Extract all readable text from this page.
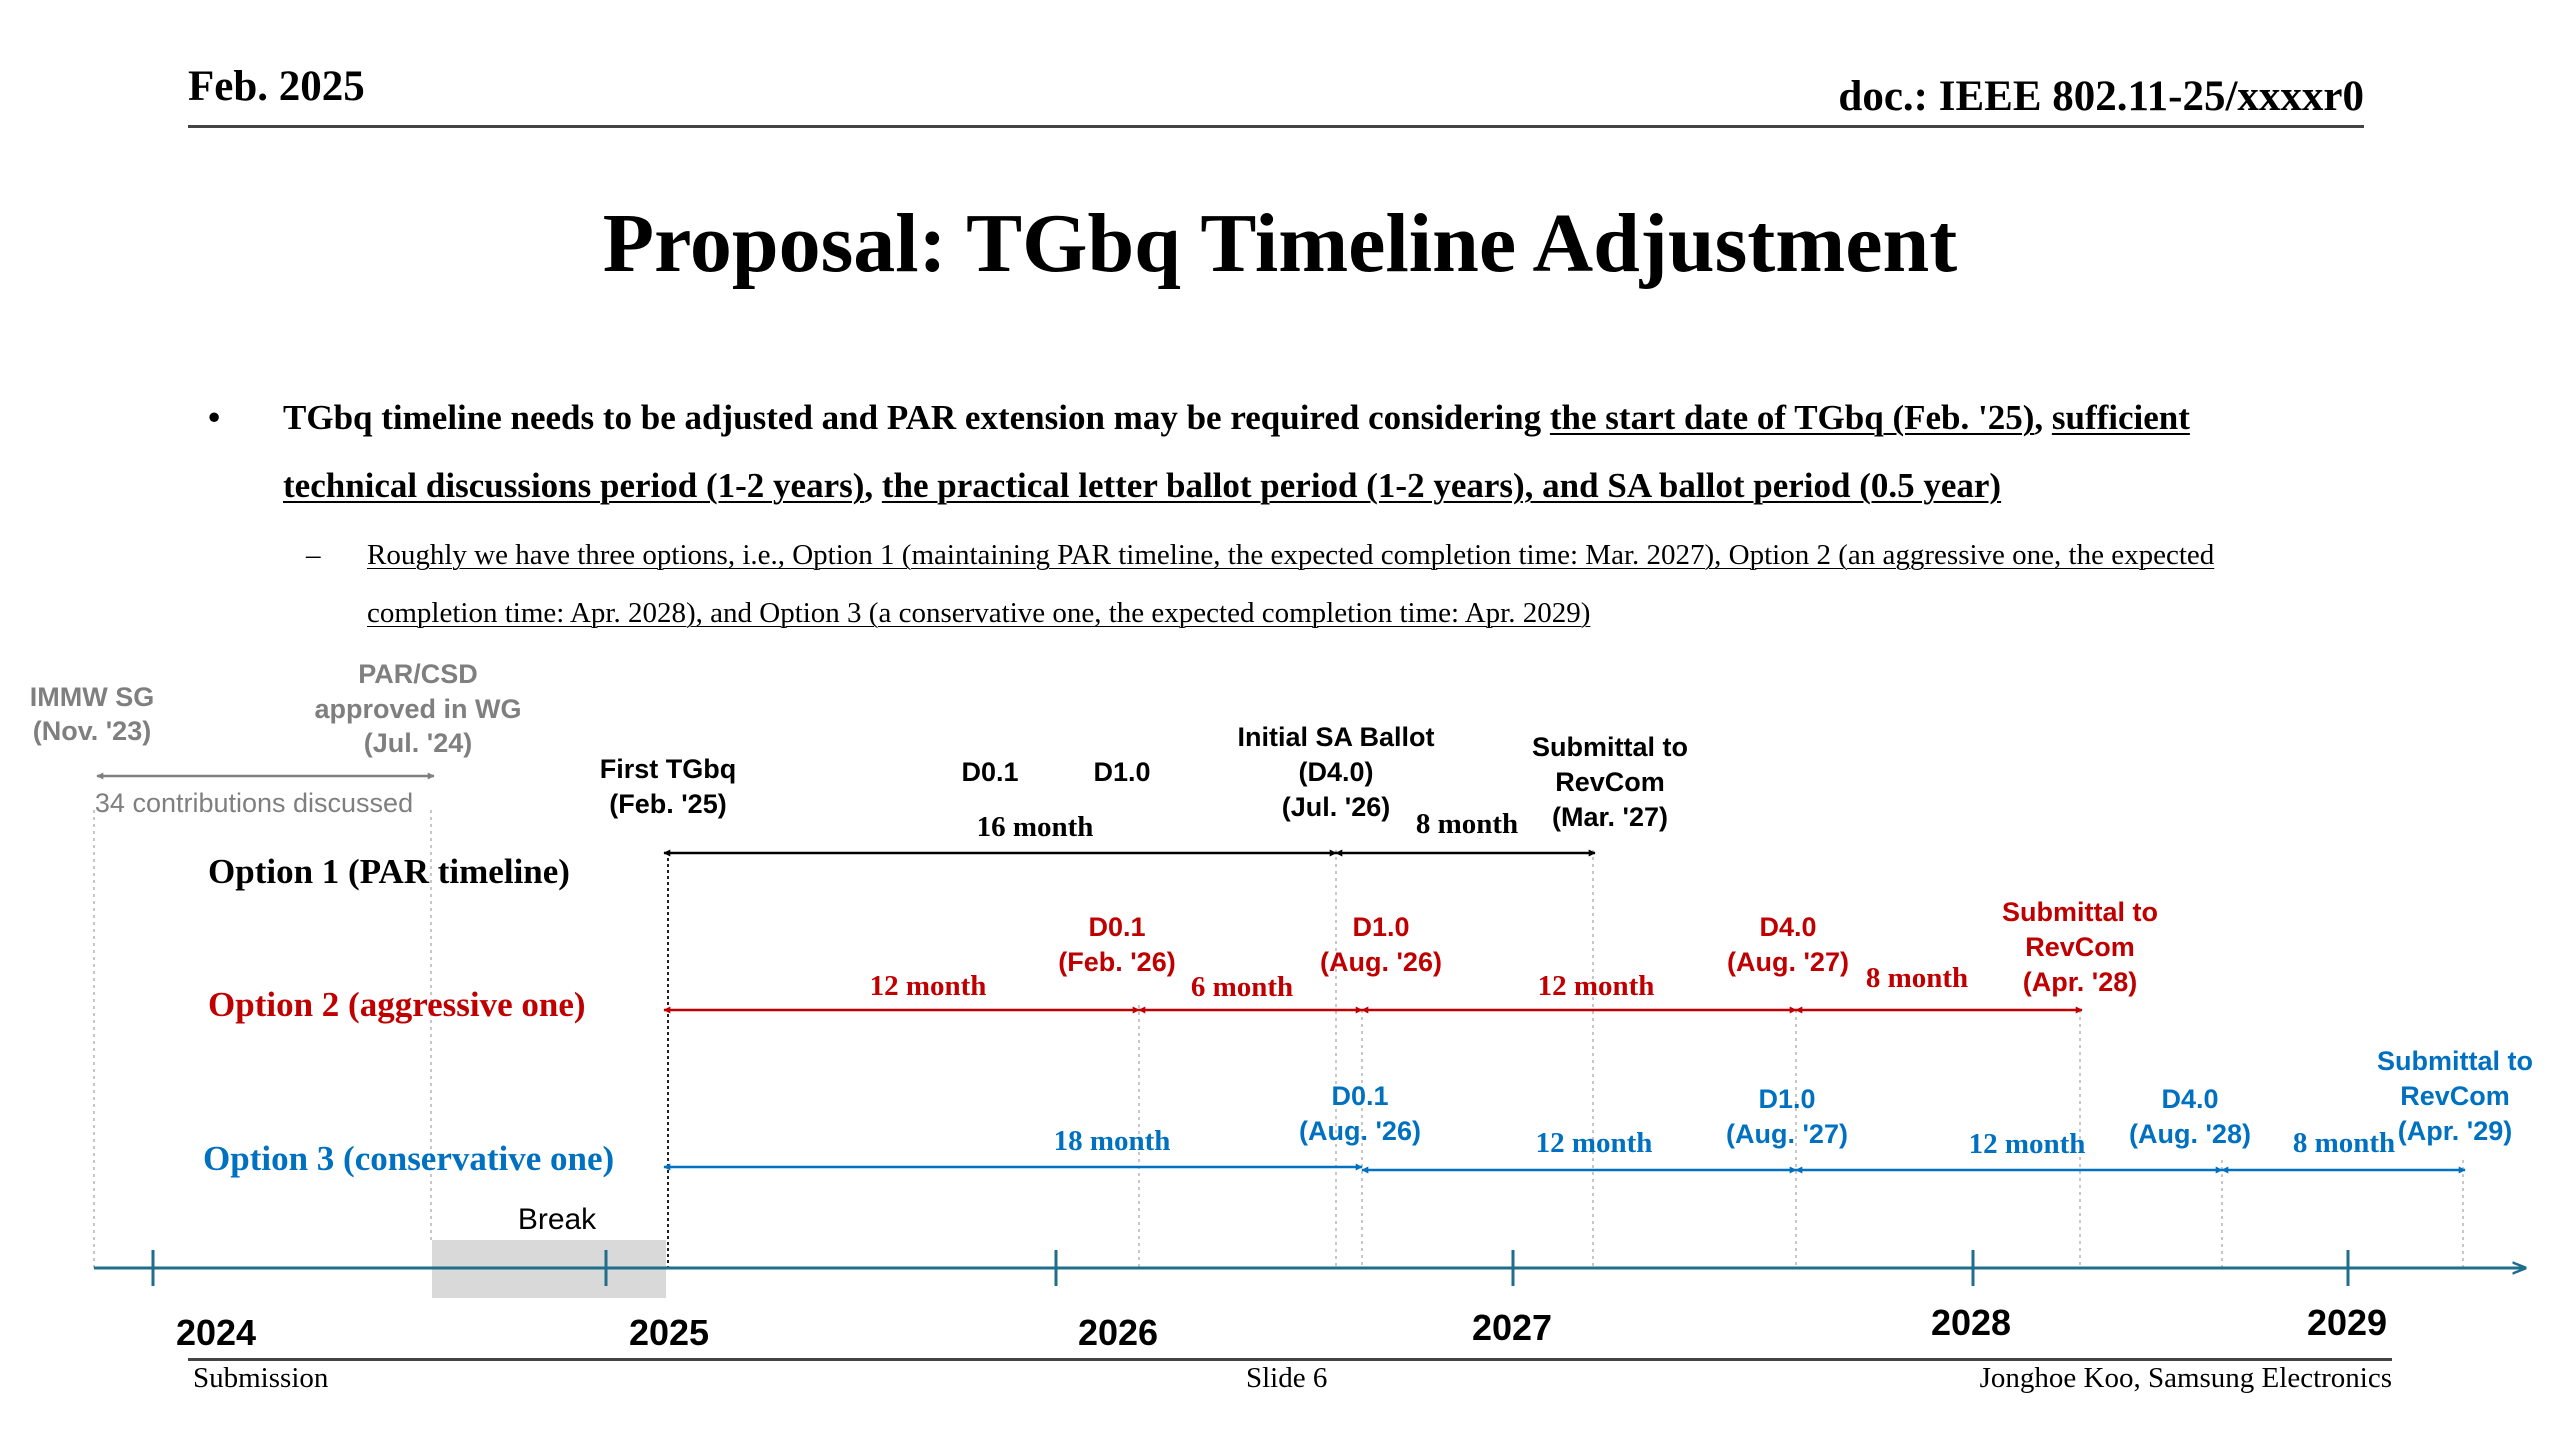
Feb. 2025	doc.: IEEE 802.11-25/xxxxr0
Proposal: TGbq Timeline Adjustment
• TGbq timeline needs to be adjusted and PAR extension may be required considering the start date of TGbq (Feb. '25), sufficient
technical discussions period (1-2 years), the practical letter ballot period (1-2 years), and SA ballot period (0.5 year)
– Roughly we have three options, i.e., Option 1 (maintaining PAR timeline, the expected completion time: Mar. 2027), Option 2 (an aggressive one, the expected
completion time: Apr. 2028), and Option 3 (a conservative one, the expected completion time: Apr. 2029)
Break
IMMW SG
(Nov. '23)
PAR/CSD
approved in WG
(Jul. '24)
34 contributions discussed
Option 1 (PAR timeline)
First TGbq
(Feb. '25)
D0.1	D1.0
Initial SA Ballot
(D4.0)
(Jul. '26)
Submittal to
RevCom
(Mar. '27)
16 month	8 month
Option 2 (aggressive one)
D0.1
(Feb. '26)
D1.0
(Aug. '26)
D4.0
(Aug. '27)
Submittal to
RevCom
(Apr. '28)
12 month	6 month	12 month	8 month
Option 3 (conservative one)
D0.1
(Aug. '26)
D1.0
(Aug. '27)
D4.0
(Aug. '28)
Submittal to
RevCom
(Apr. '29)
18 month	12 month	12 month	8 month
2024	2025	2026	2027	2028	2029
Submission	Slide 6	Jonghoe Koo, Samsung Electronics
